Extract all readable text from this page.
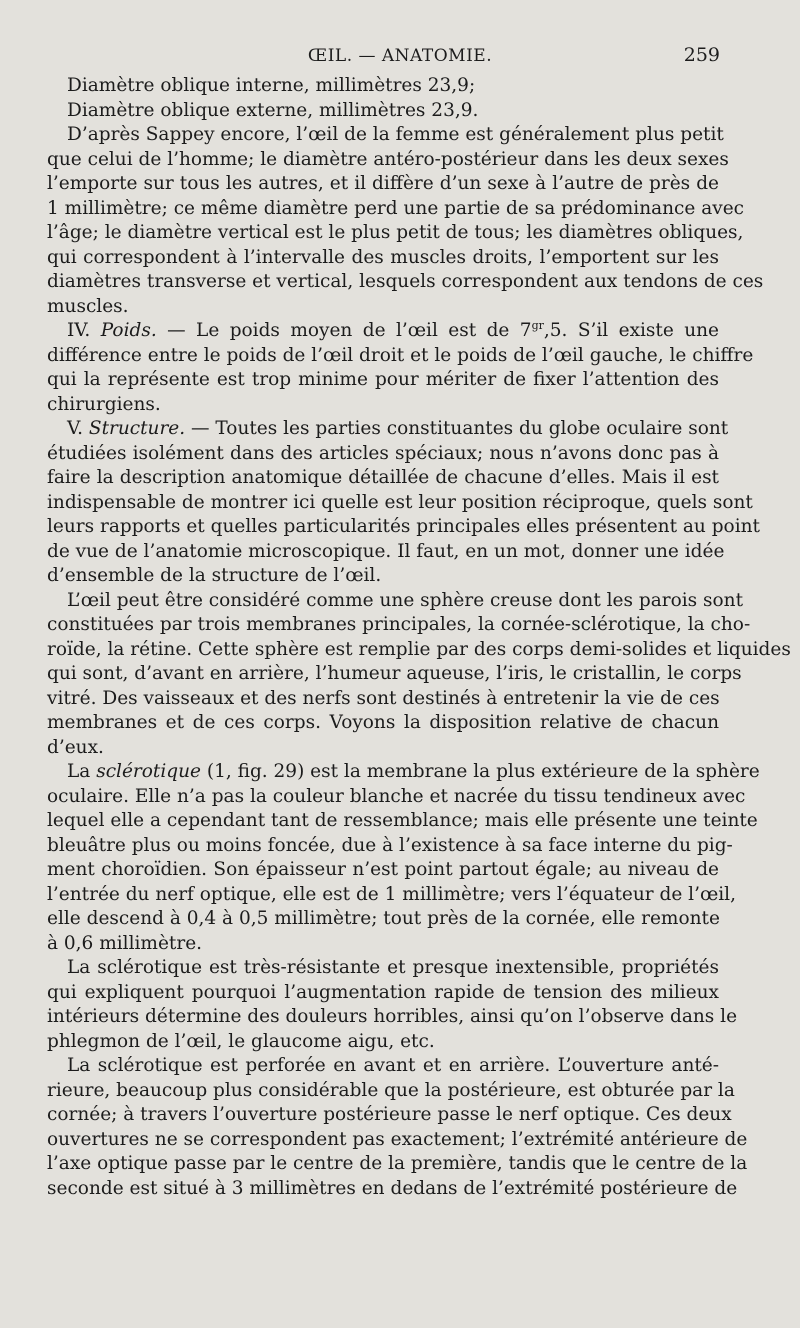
ŒIL. — ANATOMIE.	259
Diamètre oblique interne, millimètres 23,9;
Diamètre oblique externe, millimètres 23,9.
D’après Sappey encore, l’œil de la femme est généralement plus petit
que celui de l’homme; le diamètre antéro-postérieur dans les deux sexes
l’emporte sur tous les autres, et il diffère d’un sexe à l’autre de près de
1 millimètre; ce même diamètre perd une partie de sa prédominance avec
l’âge; le diamètre vertical est le plus petit de tous; les diamètres obliques,
qui correspondent à l’intervalle des muscles droits, l’emportent sur les
diamètres transverse et vertical, lesquels correspondent aux tendons de ces
muscles.
IV. Poids. — Le poids moyen de l’œil est de $7^{gr},5$. S’il existe une
différence entre le poids de l’œil droit et le poids de l’œil gauche, le chiffre
qui la représente est trop minime pour mériter de fixer l’attention des
chirurgiens.
V. Structure. — Toutes les parties constituantes du globe oculaire sont
étudiées isolément dans des articles spéciaux; nous n’avons donc pas à
faire la description anatomique détaillée de chacune d’elles. Mais il est
indispensable de montrer ici quelle est leur position réciproque, quels sont
leurs rapports et quelles particularités principales elles présentent au point
de vue de l’anatomie microscopique. Il faut, en un mot, donner une idée
d’ensemble de la structure de l’œil.
L’œil peut être considéré comme une sphère creuse dont les parois sont
constituées par trois membranes principales, la cornée-sclérotique, la cho-
roïde, la rétine. Cette sphère est remplie par des corps demi-solides et liquides
qui sont, d’avant en arrière, l’humeur aqueuse, l’iris, le cristallin, le corps
vitré. Des vaisseaux et des nerfs sont destinés à entretenir la vie de ces
membranes et de ces corps. Voyons la disposition relative de chacun
d’eux.
La sclérotique (1, fig. 29) est la membrane la plus extérieure de la sphère
oculaire. Elle n’a pas la couleur blanche et nacrée du tissu tendineux avec
lequel elle a cependant tant de ressemblance; mais elle présente une teinte
bleuâtre plus ou moins foncée, due à l’existence à sa face interne du pig-
ment choroïdien. Son épaisseur n’est point partout égale; au niveau de
l’entrée du nerf optique, elle est de 1 millimètre; vers l’équateur de l’œil,
elle descend à 0,4 à 0,5 millimètre; tout près de la cornée, elle remonte
à 0,6 millimètre.
La sclérotique est très-résistante et presque inextensible, propriétés
qui expliquent pourquoi l’augmentation rapide de tension des milieux
intérieurs détermine des douleurs horribles, ainsi qu’on l’observe dans le
phlegmon de l’œil, le glaucome aigu, etc.
La sclérotique est perforée en avant et en arrière. L’ouverture anté-
rieure, beaucoup plus considérable que la postérieure, est obturée par la
cornée; à travers l’ouverture postérieure passe le nerf optique. Ces deux
ouvertures ne se correspondent pas exactement; l’extrémité antérieure de
l’axe optique passe par le centre de la première, tandis que le centre de la
seconde est situé à 3 millimètres en dedans de l’extrémité postérieure de
